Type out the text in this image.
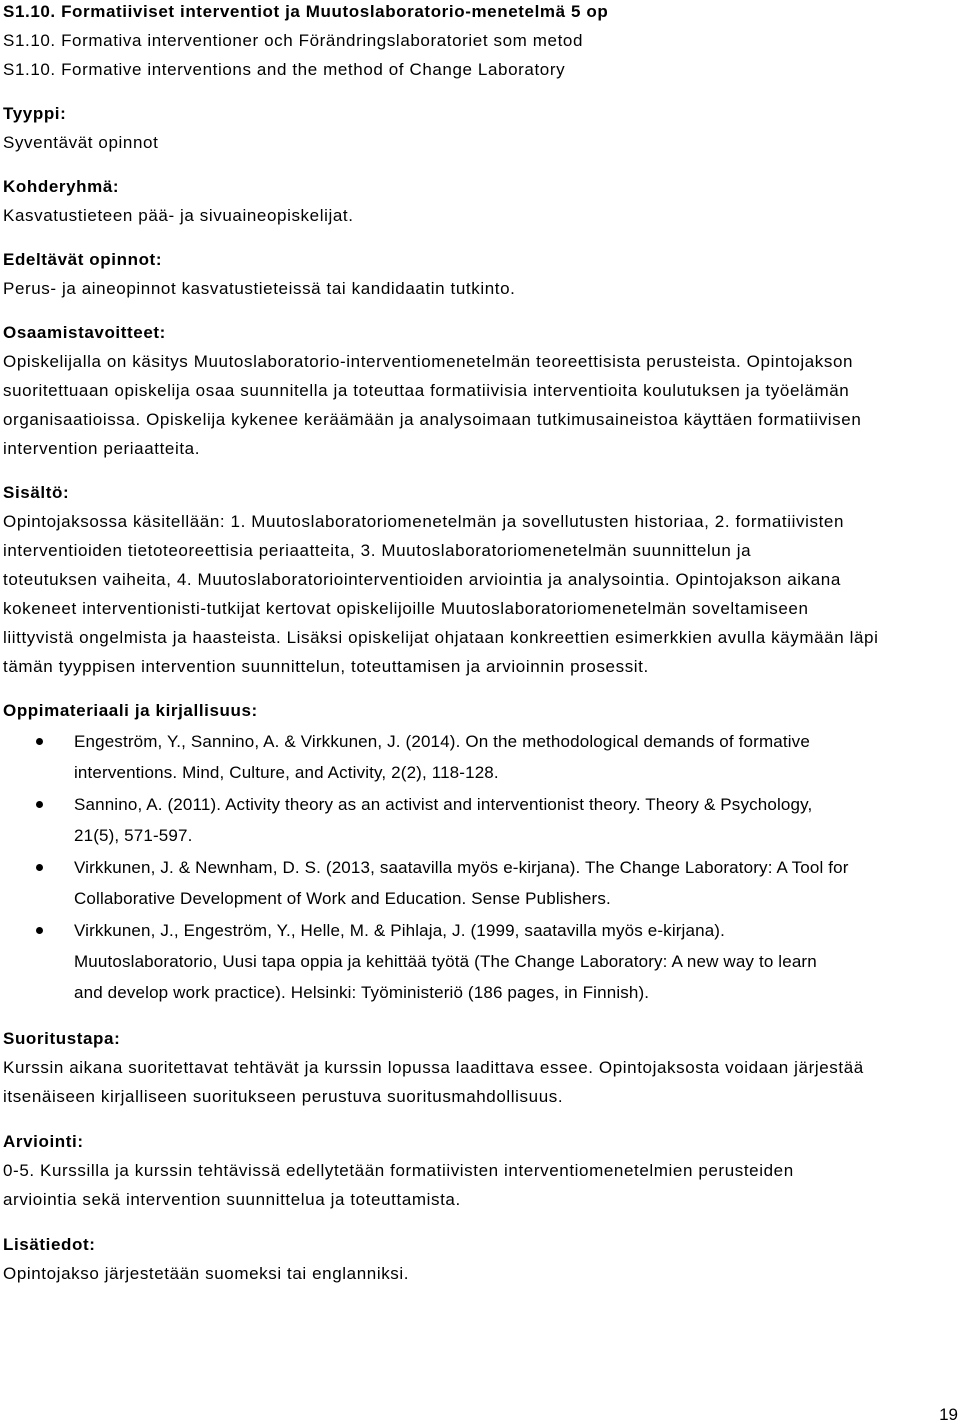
S1.10. Formatiiviset interventiot ja Muutoslaboratorio-menetelmä 5 op
S1.10. Formativa interventioner och Förändringslaboratoriet som metod
S1.10. Formative interventions and the method of Change Laboratory
Tyyppi:
Syventävät opinnot
Kohderyhmä:
Kasvatustieteen pää- ja sivuaineopiskelijat.
Edeltävät opinnot:
Perus- ja aineopinnot kasvatustieteissä tai kandidaatin tutkinto.
Osaamistavoitteet:
Opiskelijalla on käsitys Muutoslaboratorio-interventiomenetelmän teoreettisista perusteista. Opintojakson
suoritettuaan opiskelija osaa suunnitella ja toteuttaa formatiivisia interventioita koulutuksen ja työelämän
organisaatioissa. Opiskelija kykenee keräämään ja analysoimaan tutkimusaineistoa käyttäen formatiivisen
intervention periaatteita.
Sisältö:
Opintojaksossa käsitellään: 1. Muutoslaboratoriomenetelmän ja sovellutusten historiaa, 2. formatiivisten
interventioiden tietoteoreettisia periaatteita, 3. Muutoslaboratoriomenetelmän suunnittelun ja
toteutuksen vaiheita, 4. Muutoslaboratoriointerventioiden arviointia ja analysointia. Opintojakson aikana
kokeneet interventionisti-tutkijat kertovat opiskelijoille Muutoslaboratoriomenetelmän soveltamiseen
liittyvistä ongelmista ja haasteista. Lisäksi opiskelijat ohjataan konkreettien esimerkkien avulla käymään läpi
tämän tyyppisen intervention suunnittelun, toteuttamisen ja arvioinnin prosessit.
Oppimateriaali ja kirjallisuus:
Engeström, Y., Sannino, A. & Virkkunen, J. (2014). On the methodological demands of formative
interventions. Mind, Culture, and Activity, 2(2), 118-128.
Sannino, A. (2011). Activity theory as an activist and interventionist theory. Theory & Psychology,
21(5), 571-597.
Virkkunen, J. & Newnham, D. S. (2013, saatavilla myös e-kirjana). The Change Laboratory: A Tool for
Collaborative Development of Work and Education. Sense Publishers.
Virkkunen, J., Engeström, Y., Helle, M. & Pihlaja, J. (1999, saatavilla myös e-kirjana).
Muutoslaboratorio, Uusi tapa oppia ja kehittää työtä (The Change Laboratory: A new way to learn
and develop work practice). Helsinki: Työministeriö (186 pages, in Finnish).
Suoritustapa:
Kurssin aikana suoritettavat tehtävät ja kurssin lopussa laadittava essee. Opintojaksosta voidaan järjestää
itsenäiseen kirjalliseen suoritukseen perustuva suoritusmahdollisuus.
Arviointi:
0-5. Kurssilla ja kurssin tehtävissä edellytetään formatiivisten interventiomenetelmien perusteiden
arviointia sekä intervention suunnittelua ja toteuttamista.
Lisätiedot:
Opintojakso järjestetään suomeksi tai englanniksi.
19
